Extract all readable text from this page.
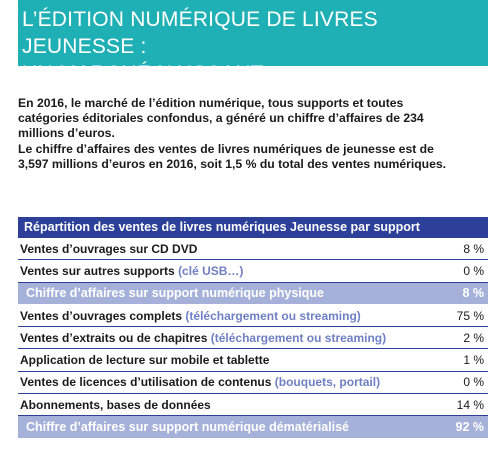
L’ÉDITION NUMÉRIQUE DE LIVRES JEUNESSE :
UN MARCHÉ NAISSANT

En 2016, le marché de l’édition numérique, tous supports et toutes catégories éditoriales confondus, a généré un chiffre d’affaires de 234 millions d’euros.

Le chiffre d’affaires des ventes de livres numériques de jeunesse est de 3,597 millions d’euros en 2016, soit 1,5 % du total des ventes numériques.

Répartition des ventes de livres numériques Jeunesse par support
Ventes d’ouvrages sur CD DVD	8 %
Ventes sur autres supports (clé USB…)	0 %
Chiffre d’affaires sur support numérique physique	8 %
Ventes d’ouvrages complets (téléchargement ou streaming)	75 %
Ventes d’extraits ou de chapitres (téléchargement ou streaming)	2 %
Application de lecture sur mobile et tablette	1 %
Ventes de licences d’utilisation de contenus (bouquets, portail)	0 %
Abonnements, bases de données	14 %
Chiffre d’affaires sur support numérique dématérialisé	92 %
